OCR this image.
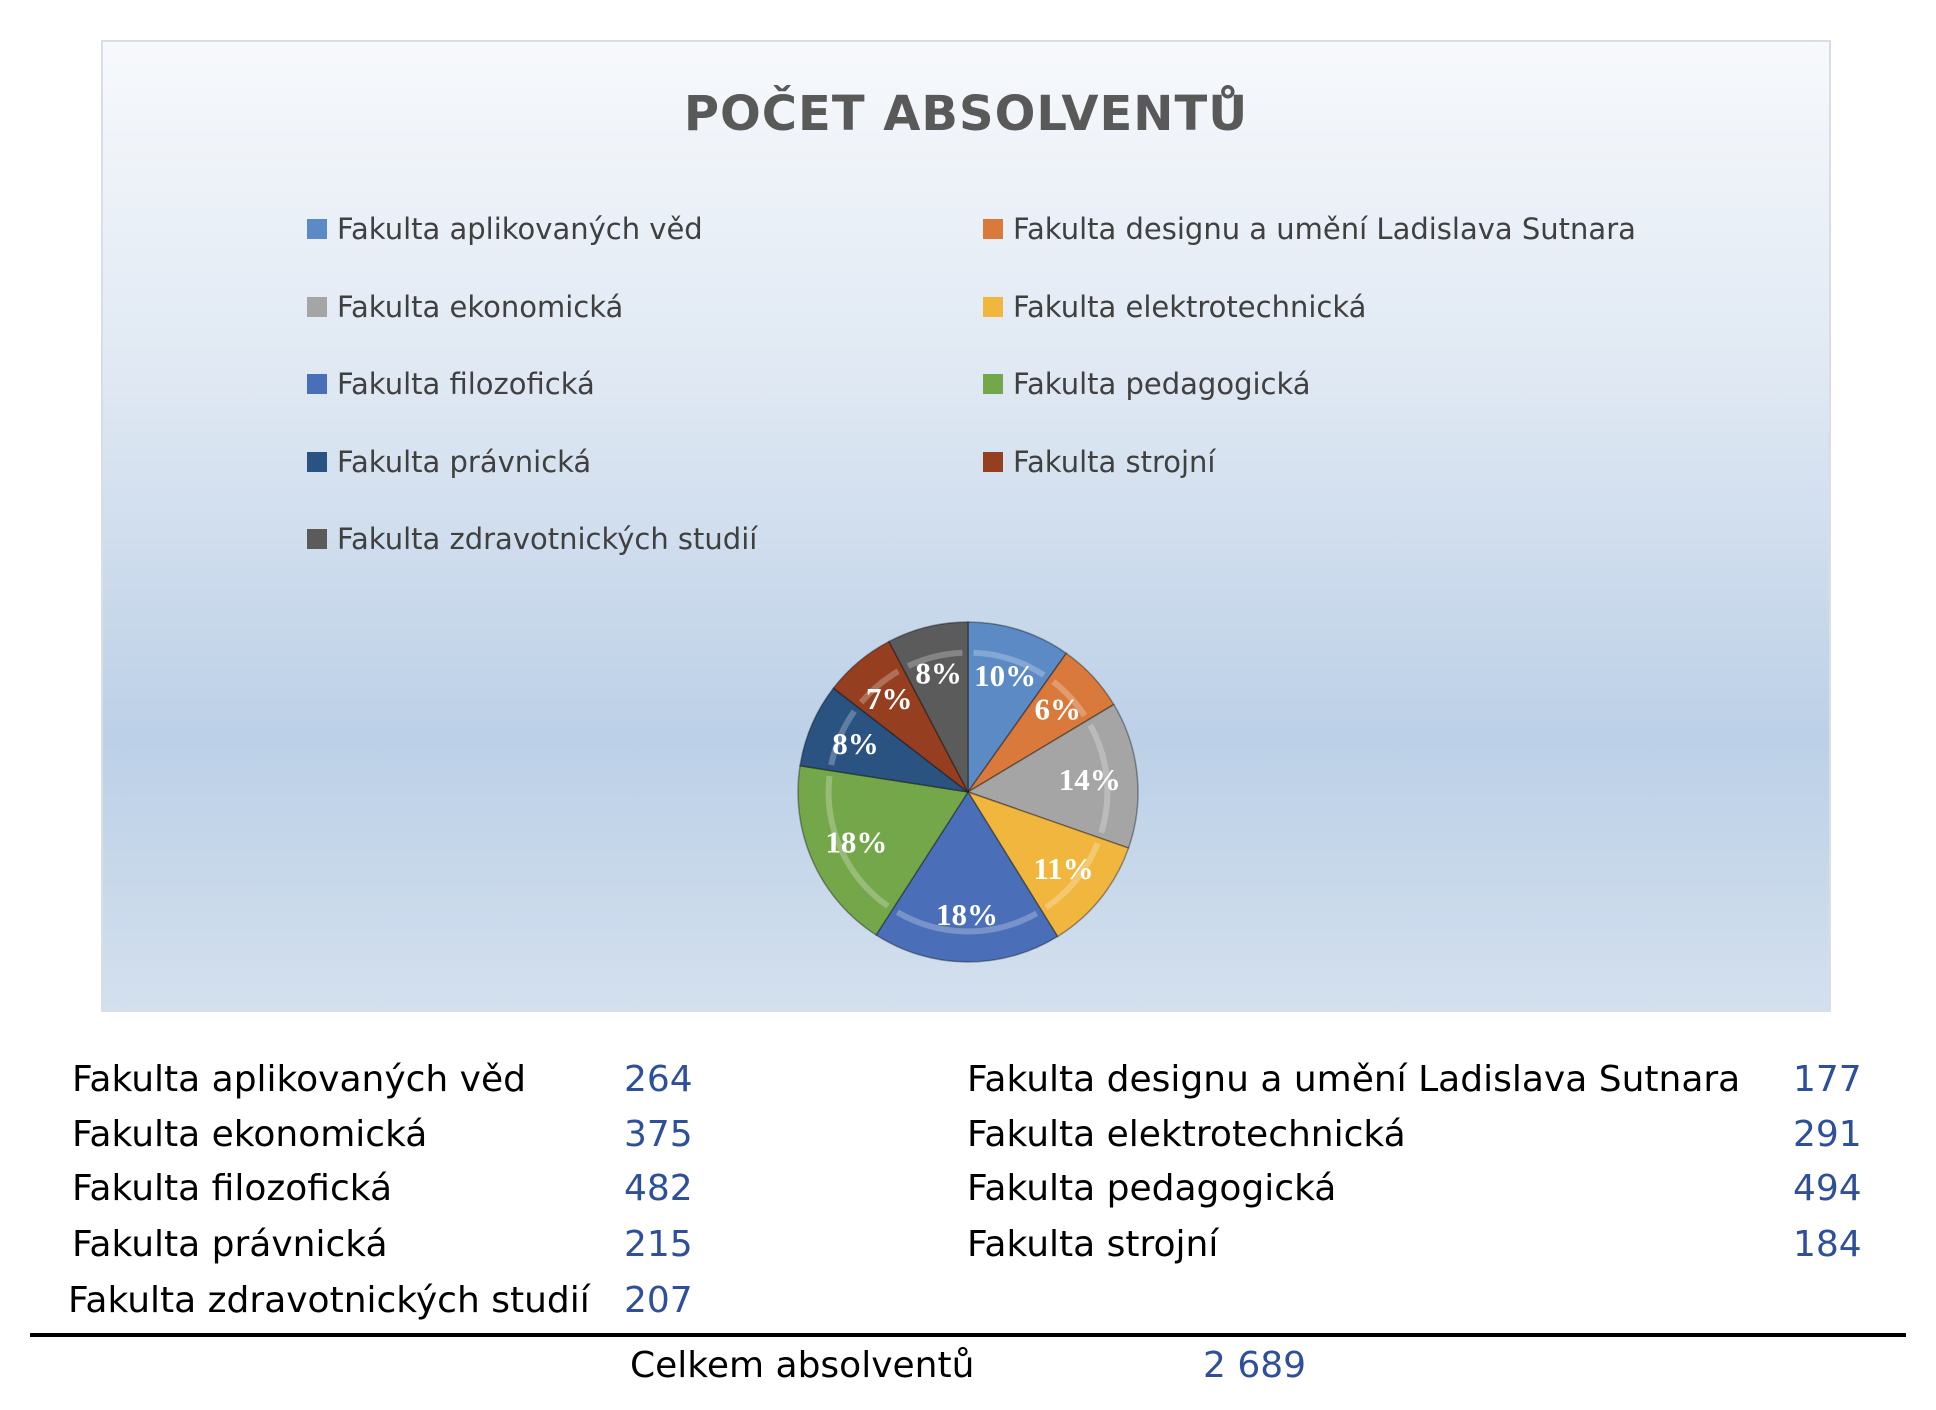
POČET ABSOLVENTŮ
Fakulta aplikovaných věd	Fakulta designu a umění Ladislava Sutnara
Fakulta ekonomická	Fakulta elektrotechnická
Fakulta filozofická	Fakulta pedagogická
Fakulta právnická	Fakulta strojní
Fakulta zdravotnických studií
10%
6%
14%
11%
18%
18%
8%
7%
8%
Fakulta aplikovaných věd	264	Fakulta designu a umění Ladislava Sutnara 177
Fakulta ekonomická	375	Fakulta elektrotechnická	291
Fakulta filozofická	482	Fakulta pedagogická	494
Fakulta právnická	215	Fakulta strojní	184
Fakulta zdravotnických studií 207
Celkem absolventů	2 689
